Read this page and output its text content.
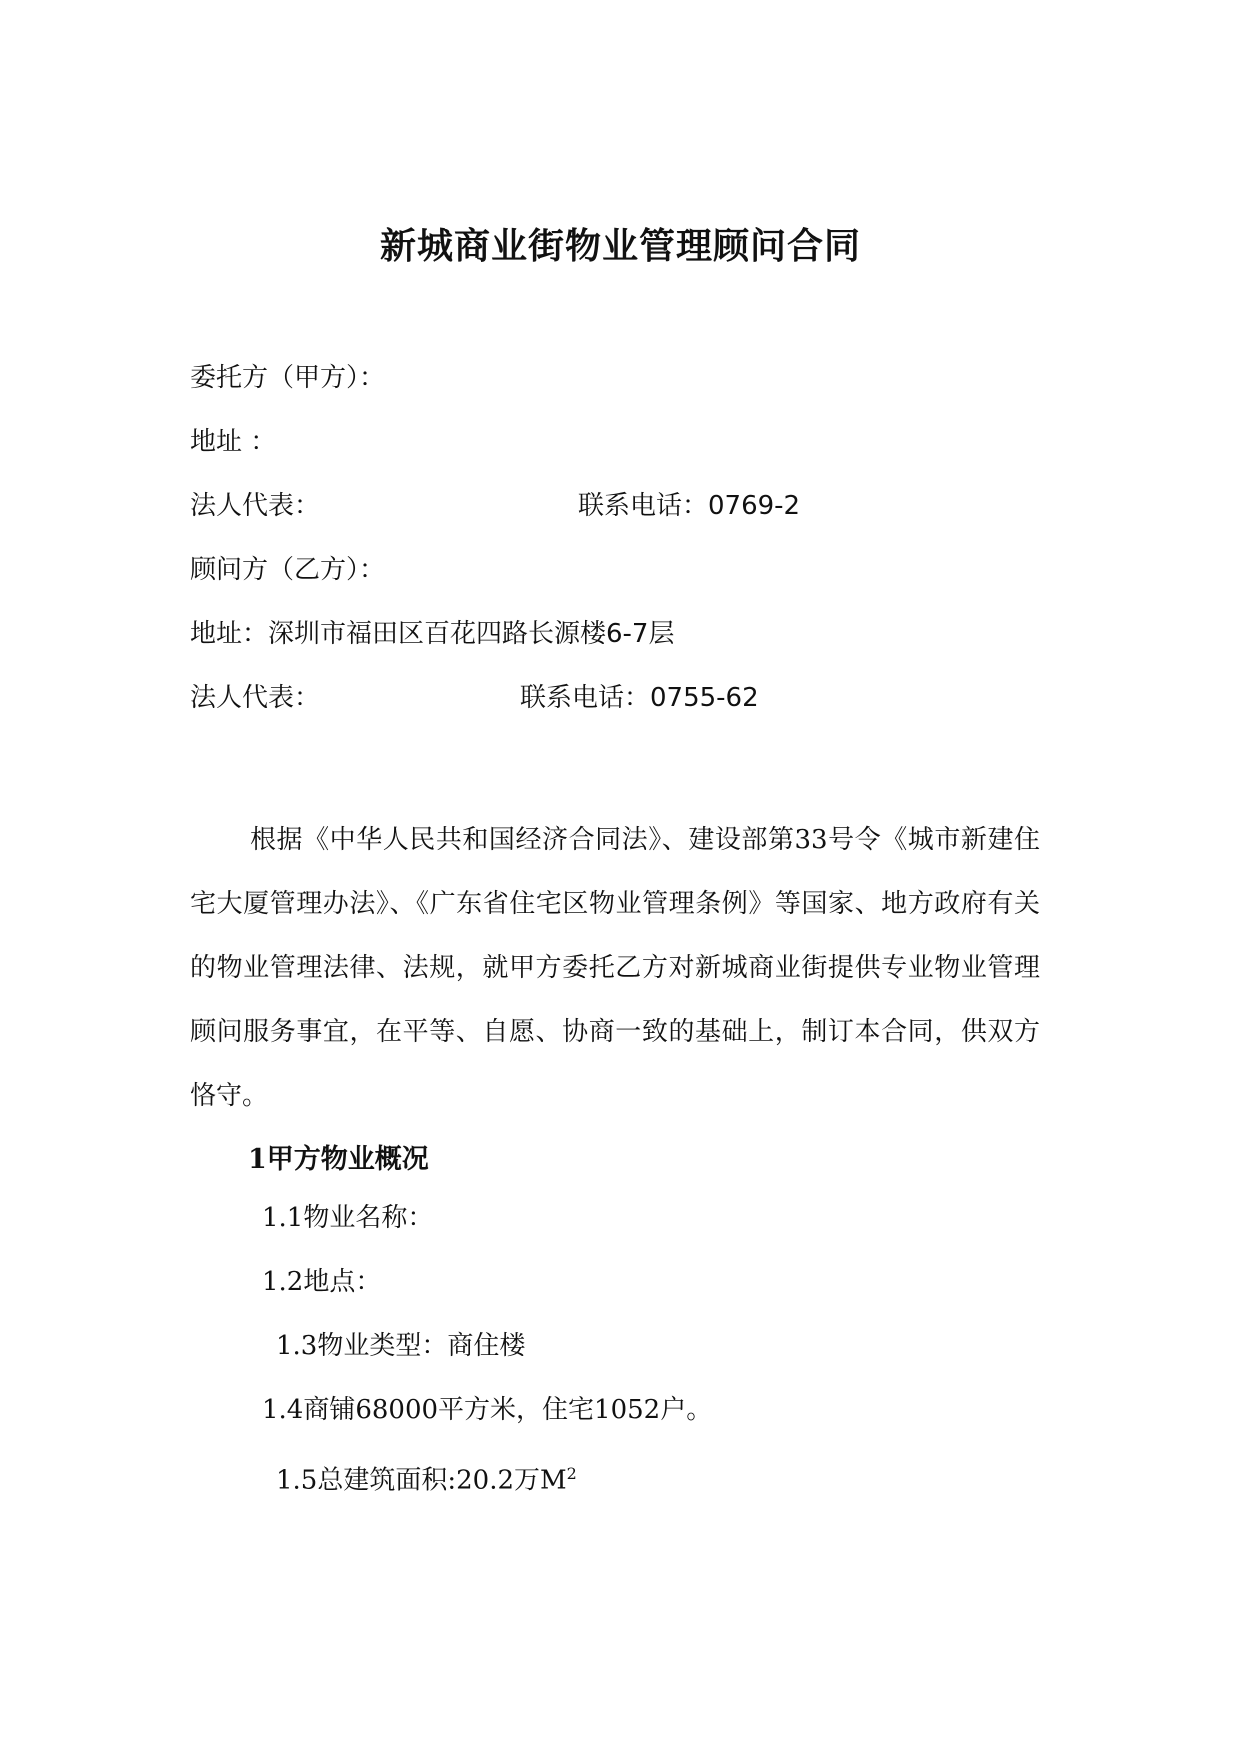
新城商业街物业管理顾问合同
委托方（甲方）：
地址 ：
法人代表：	联系电话：0769-2
顾问方（乙方）：
地址：深圳市福田区百花四路长源楼6-7层
法人代表：	联系电话：0755-62
根据《中华人民共和国经济合同法》、建设部第33号令《城市新建住宅大厦管理办法》、《广东省住宅区物业管理条例》等国家、地方政府有关的物业管理法律、法规，就甲方委托乙方对新城商业街提供专业物业管理顾问服务事宜，在平等、自愿、协商一致的基础上，制订本合同，供双方恪守。
1甲方物业概况
1.1物业名称：
1.2地点：
1.3物业类型：商住楼
1.4商铺68000平方米，住宅1052户。
1.5总建筑面积:20.2万$M^2$
